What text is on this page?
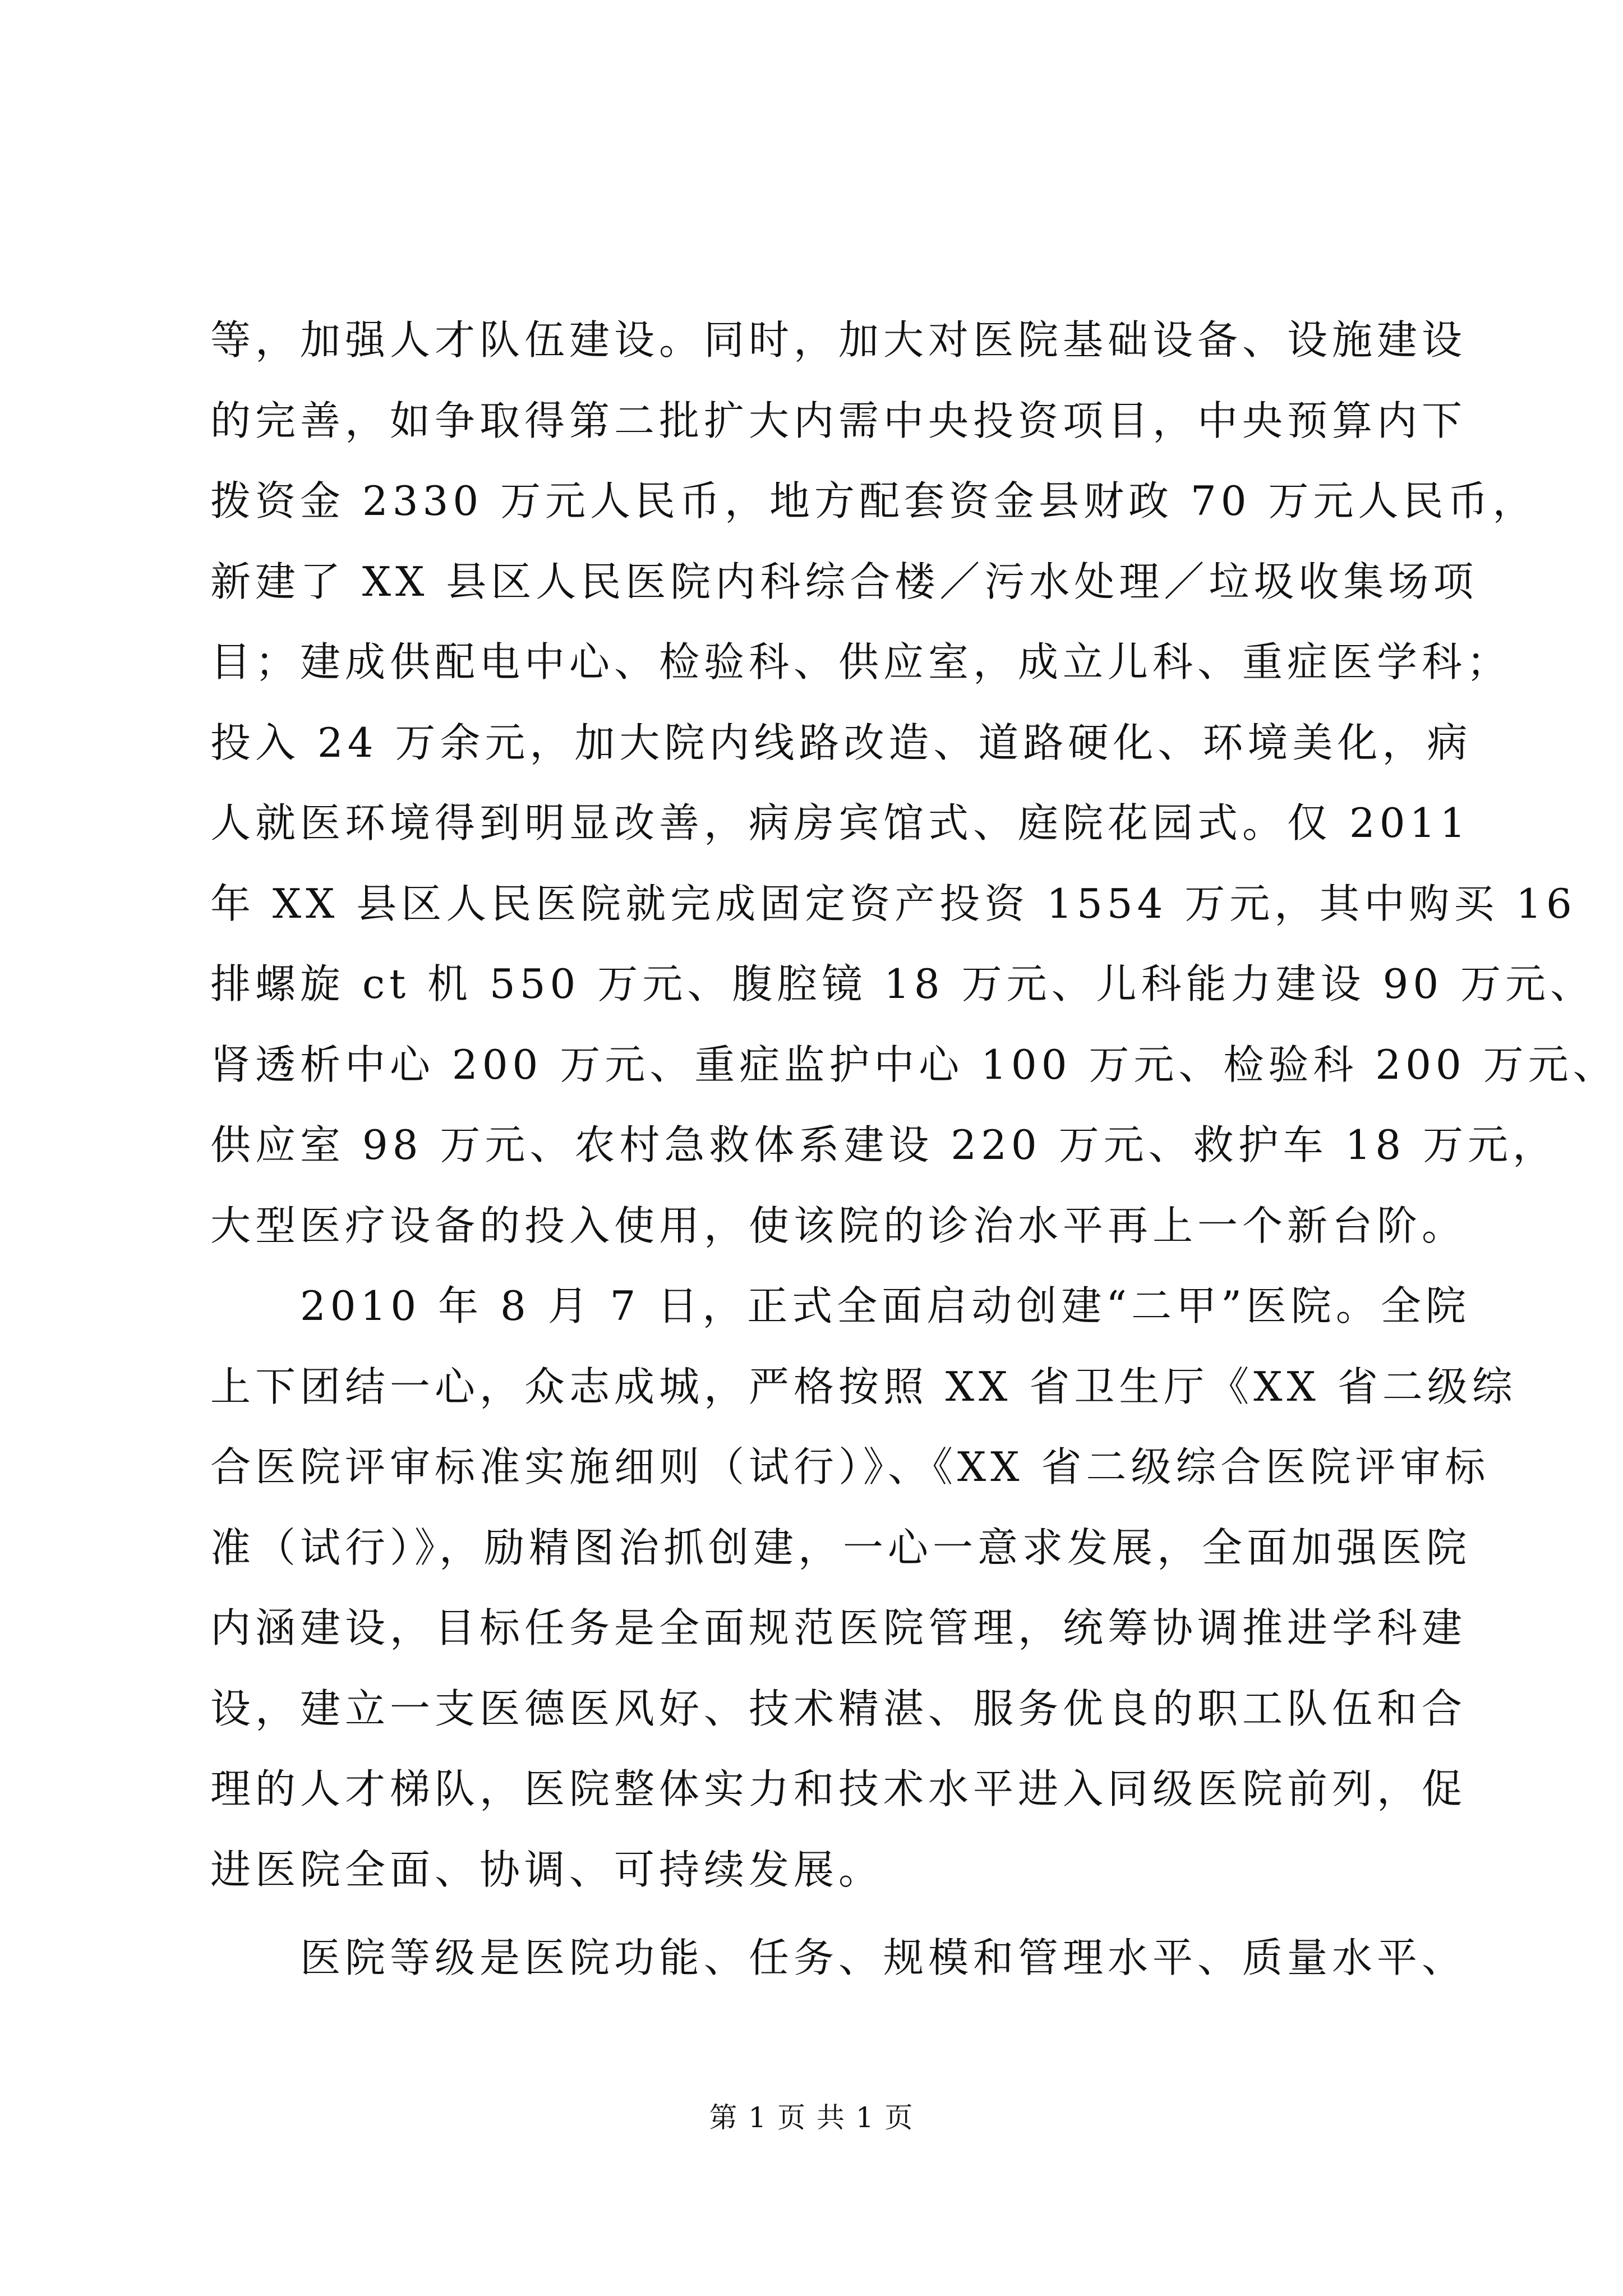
等，加强人才队伍建设。同时，加大对医院基础设备、设施建设
的完善，如争取得第二批扩大内需中央投资项目，中央预算内下
拨资金 2330 万元人民币，地方配套资金县财政 70 万元人民币，
新建了 XX 县区人民医院内科综合楼／污水处理／垃圾收集场项
目；建成供配电中心、检验科、供应室，成立儿科、重症医学科；
投入 24 万余元，加大院内线路改造、道路硬化、环境美化，病
人就医环境得到明显改善，病房宾馆式、庭院花园式。仅 2011
年 XX 县区人民医院就完成固定资产投资 1554 万元，其中购买 16
排螺旋 ct 机 550 万元、腹腔镜 18 万元、儿科能力建设 90 万元、
肾透析中心 200 万元、重症监护中心 100 万元、检验科 200 万元、
供应室 98 万元、农村急救体系建设 220 万元、救护车 18 万元，
大型医疗设备的投入使用，使该院的诊治水平再上一个新台阶。
　　2010 年 8 月 7 日，正式全面启动创建“二甲”医院。全院
上下团结一心，众志成城，严格按照 XX 省卫生厅《XX 省二级综
合医院评审标准实施细则（试行）》、《XX 省二级综合医院评审标
准（试行）》，励精图治抓创建，一心一意求发展，全面加强医院
内涵建设，目标任务是全面规范医院管理，统筹协调推进学科建
设，建立一支医德医风好、技术精湛、服务优良的职工队伍和合
理的人才梯队，医院整体实力和技术水平进入同级医院前列，促
进医院全面、协调、可持续发展。
　　医院等级是医院功能、任务、规模和管理水平、质量水平、
第 1 页 共 1 页
